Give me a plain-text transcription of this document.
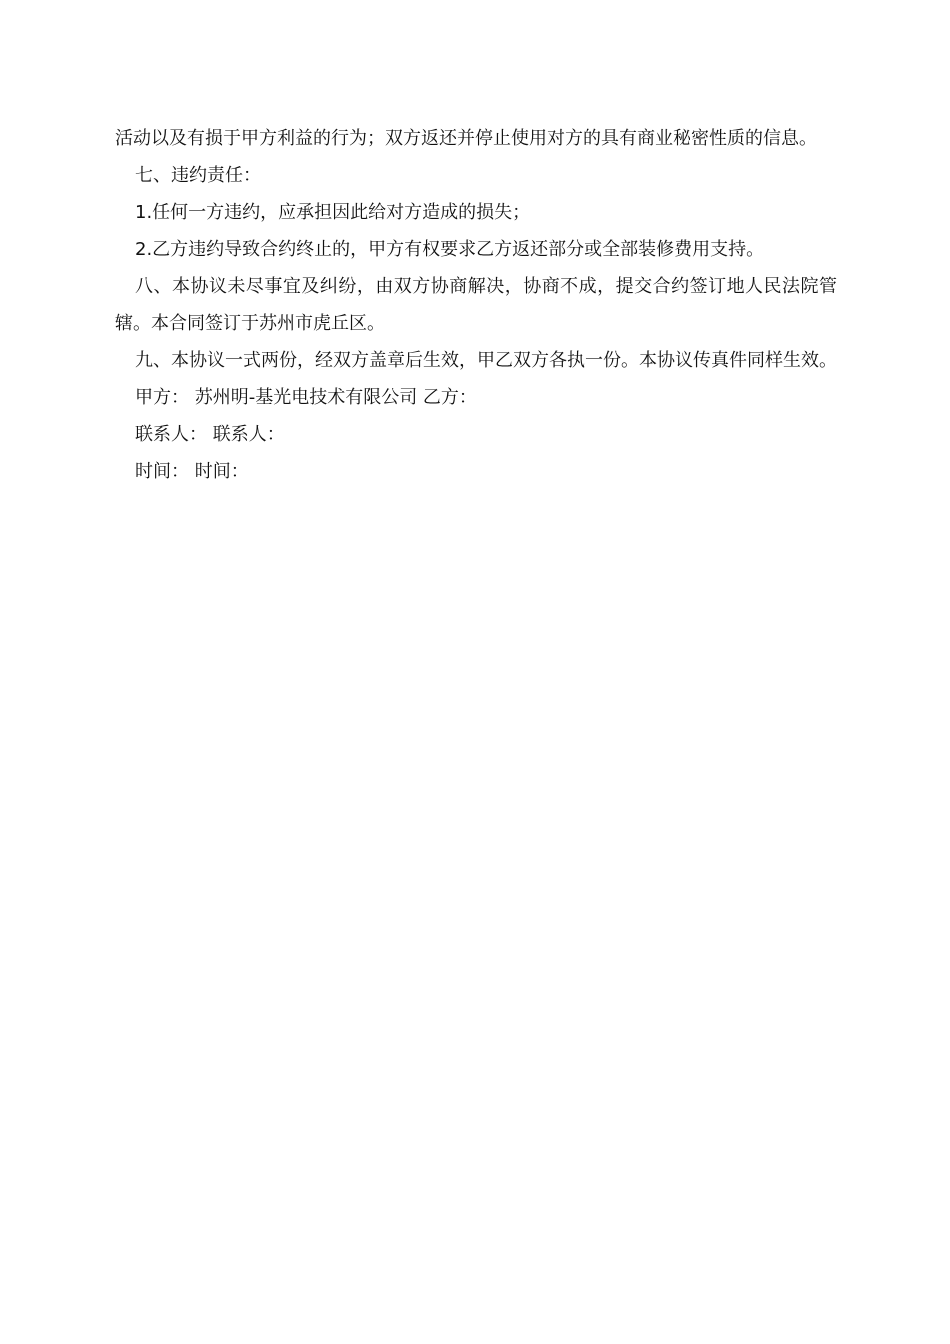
活动以及有损于甲方利益的行为；双方返还并停止使用对方的具有商业秘密性质的信息。

七、违约责任：

1.任何一方违约，应承担因此给对方造成的损失；

2.乙方违约导致合约终止的，甲方有权要求乙方返还部分或全部装修费用支持。

八、本协议未尽事宜及纠纷，由双方协商解决，协商不成，提交合约签订地人民法院管辖。本合同签订于苏州市虎丘区。

九、本协议一式两份，经双方盖章后生效，甲乙双方各执一份。本协议传真件同样生效。

甲方： 苏州明-基光电技术有限公司 乙方：

联系人： 联系人：

时间： 时间：
